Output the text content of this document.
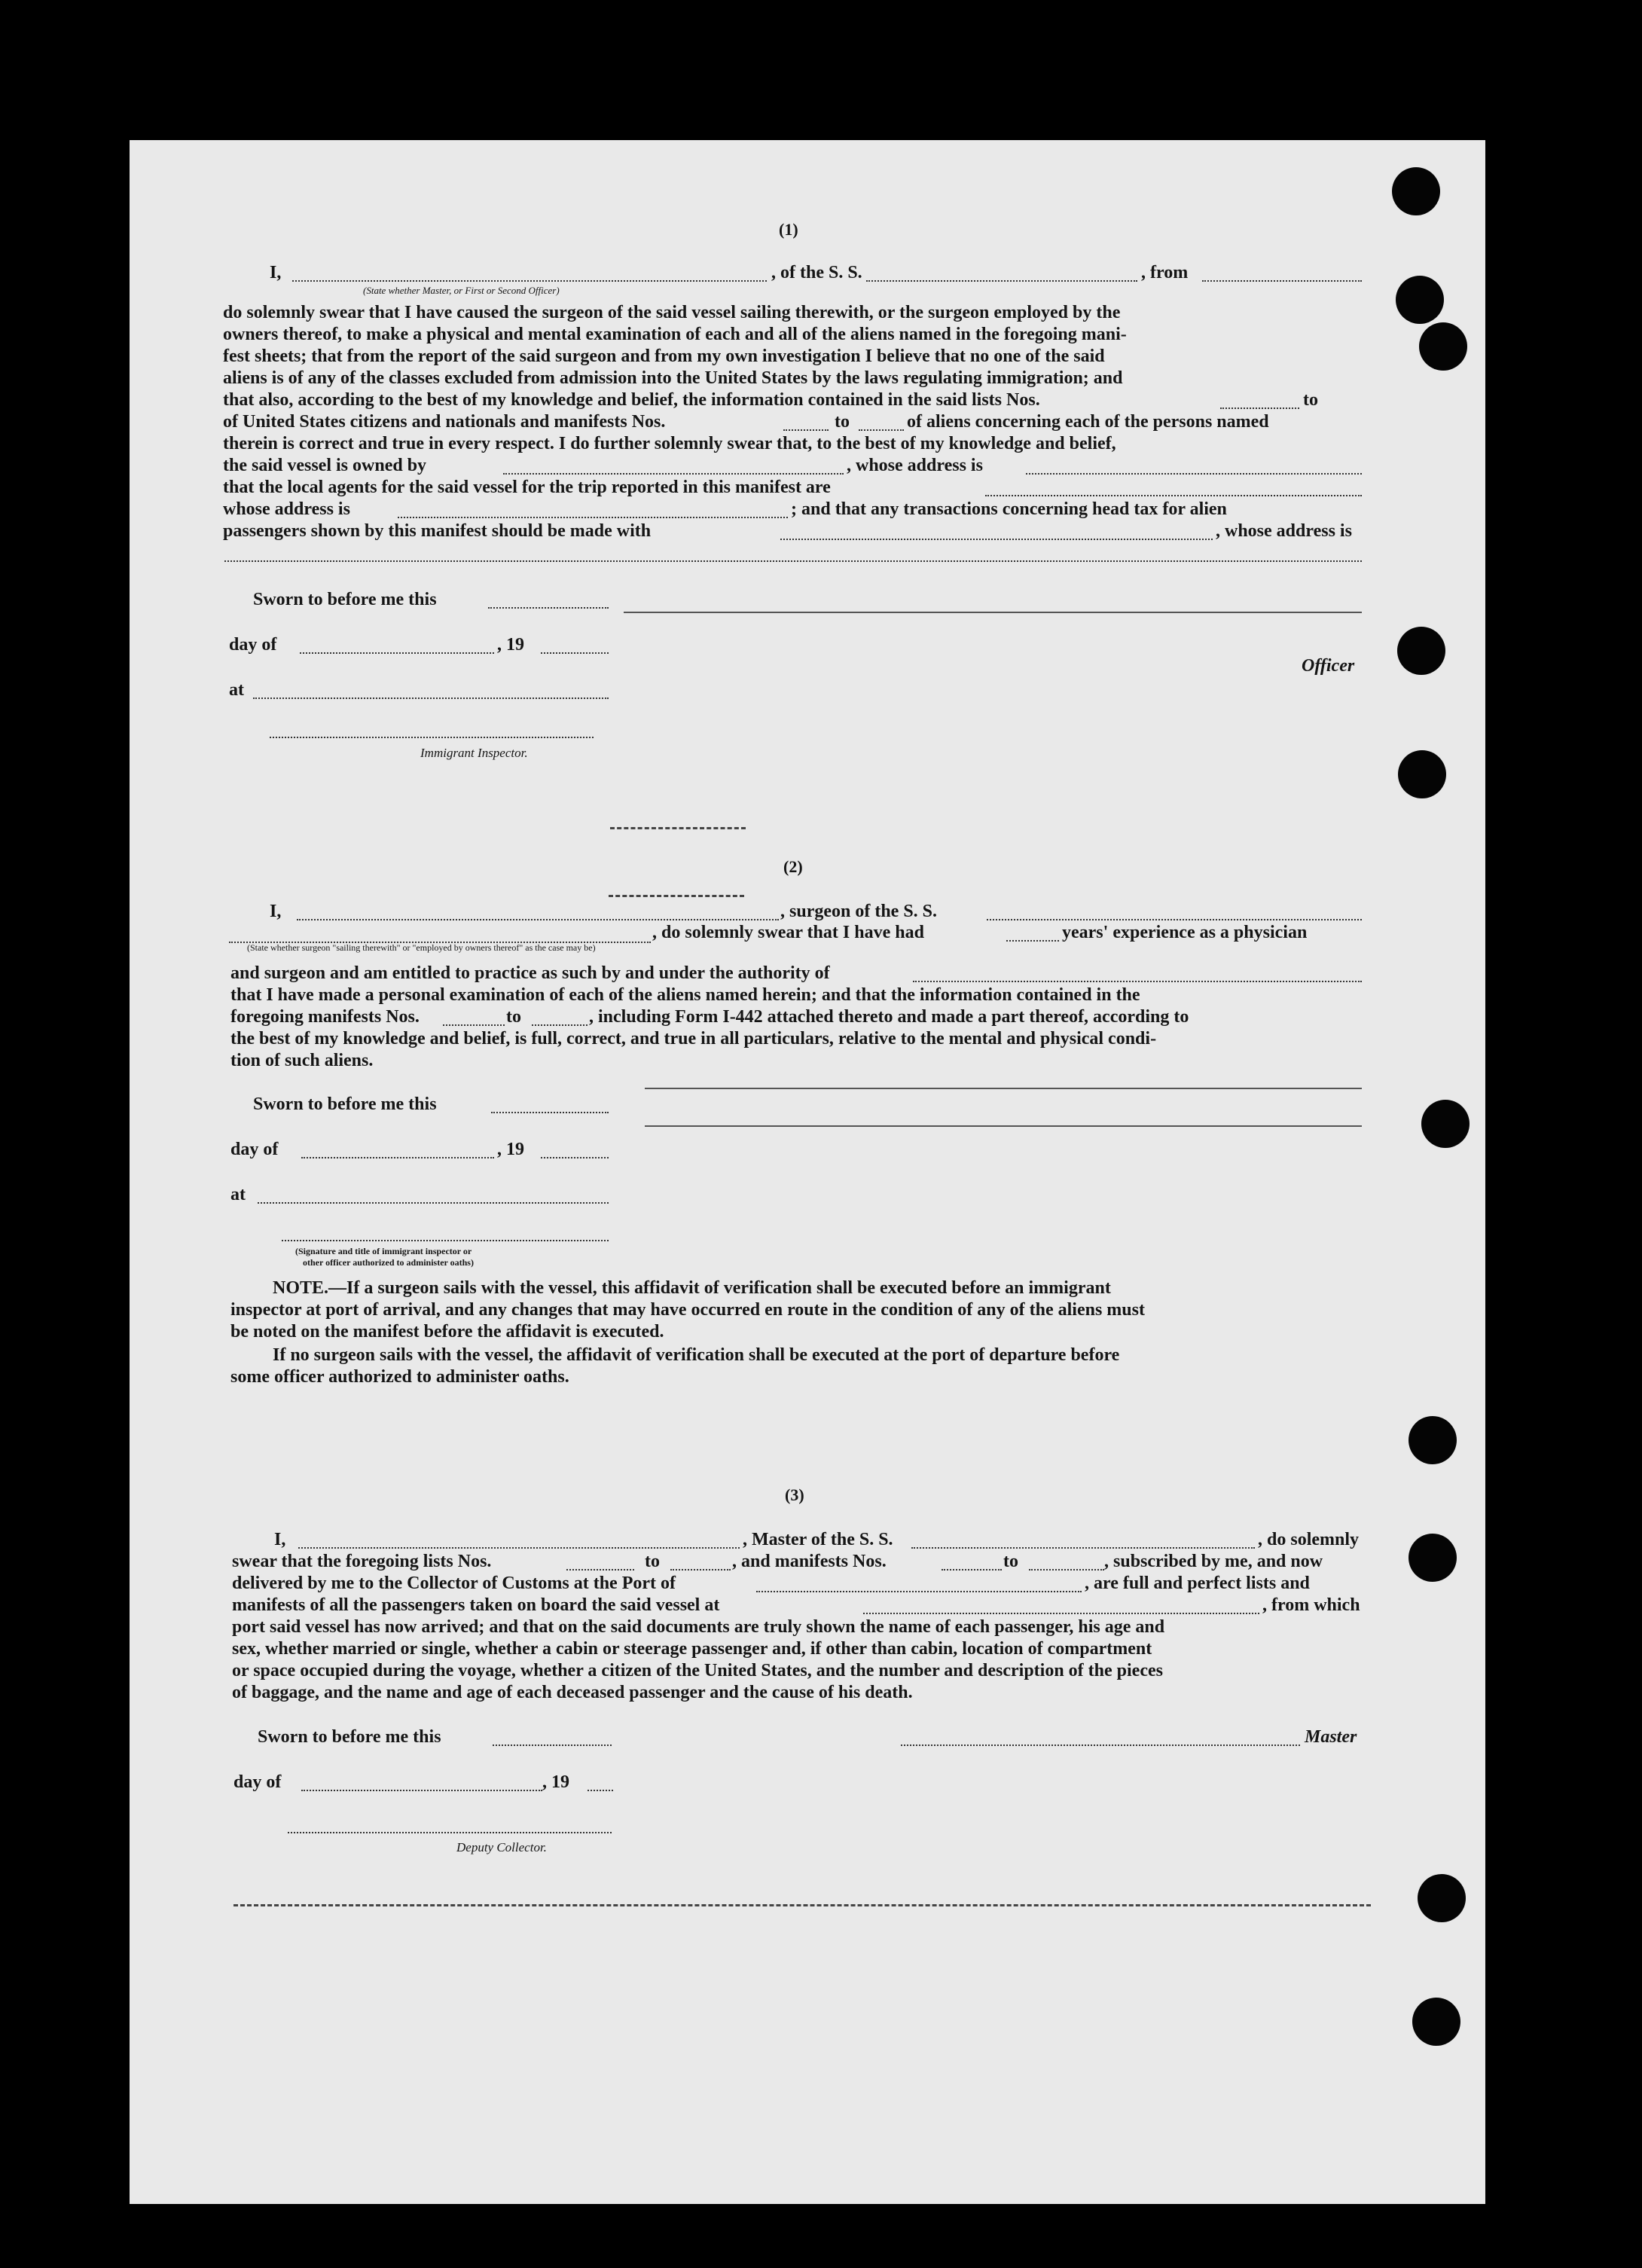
(1)
I,	, of the S. S.	, from
(State whether Master, or First or Second Officer)
do solemnly swear that I have caused the surgeon of the said vessel sailing therewith, or the surgeon employed by the
owners thereof, to make a physical and mental examination of each and all of the aliens named in the foregoing mani-
fest sheets; that from the report of the said surgeon and from my own investigation I believe that no one of the said
aliens is of any of the classes excluded from admission into the United States by the laws regulating immigration; and
that also, according to the best of my knowledge and belief, the information contained in the said lists Nos.	to
of United States citizens and nationals and manifests Nos.	to	of aliens concerning each of the persons named
therein is correct and true in every respect. I do further solemnly swear that, to the best of my knowledge and belief,
the said vessel is owned by	, whose address is
that the local agents for the said vessel for the trip reported in this manifest are
whose address is	; and that any transactions concerning head tax for alien
passengers shown by this manifest should be made with	, whose address is
Sworn to before me this
day of	, 19
Officer
at
Immigrant Inspector.
(2)
I,	, surgeon of the S. S.
, do solemnly swear that I have had	years' experience as a physician
(State whether surgeon "sailing therewith" or "employed by owners thereof" as the case may be)
and surgeon and am entitled to practice as such by and under the authority of
that I have made a personal examination of each of the aliens named herein; and that the information contained in the
foregoing manifests Nos.	to	, including Form I-442 attached thereto and made a part thereof, according to
the best of my knowledge and belief, is full, correct, and true in all particulars, relative to the mental and physical condi-
tion of such aliens.
Sworn to before me this
day of	, 19
at
(Signature and title of immigrant inspector or
other officer authorized to administer oaths)
NOTE.—If a surgeon sails with the vessel, this affidavit of verification shall be executed before an immigrant
inspector at port of arrival, and any changes that may have occurred en route in the condition of any of the aliens must
be noted on the manifest before the affidavit is executed.
If no surgeon sails with the vessel, the affidavit of verification shall be executed at the port of departure before
some officer authorized to administer oaths.
(3)
I,	, Master of the S. S.	, do solemnly
swear that the foregoing lists Nos.	to	, and manifests Nos.	to	, subscribed by me, and now
delivered by me to the Collector of Customs at the Port of	, are full and perfect lists and
manifests of all the passengers taken on board the said vessel at	, from which
port said vessel has now arrived; and that on the said documents are truly shown the name of each passenger, his age and
sex, whether married or single, whether a cabin or steerage passenger and, if other than cabin, location of compartment
or space occupied during the voyage, whether a citizen of the United States, and the number and description of the pieces
of baggage, and the name and age of each deceased passenger and the cause of his death.
Sworn to before me this	Master
day of	, 19
Deputy Collector.
